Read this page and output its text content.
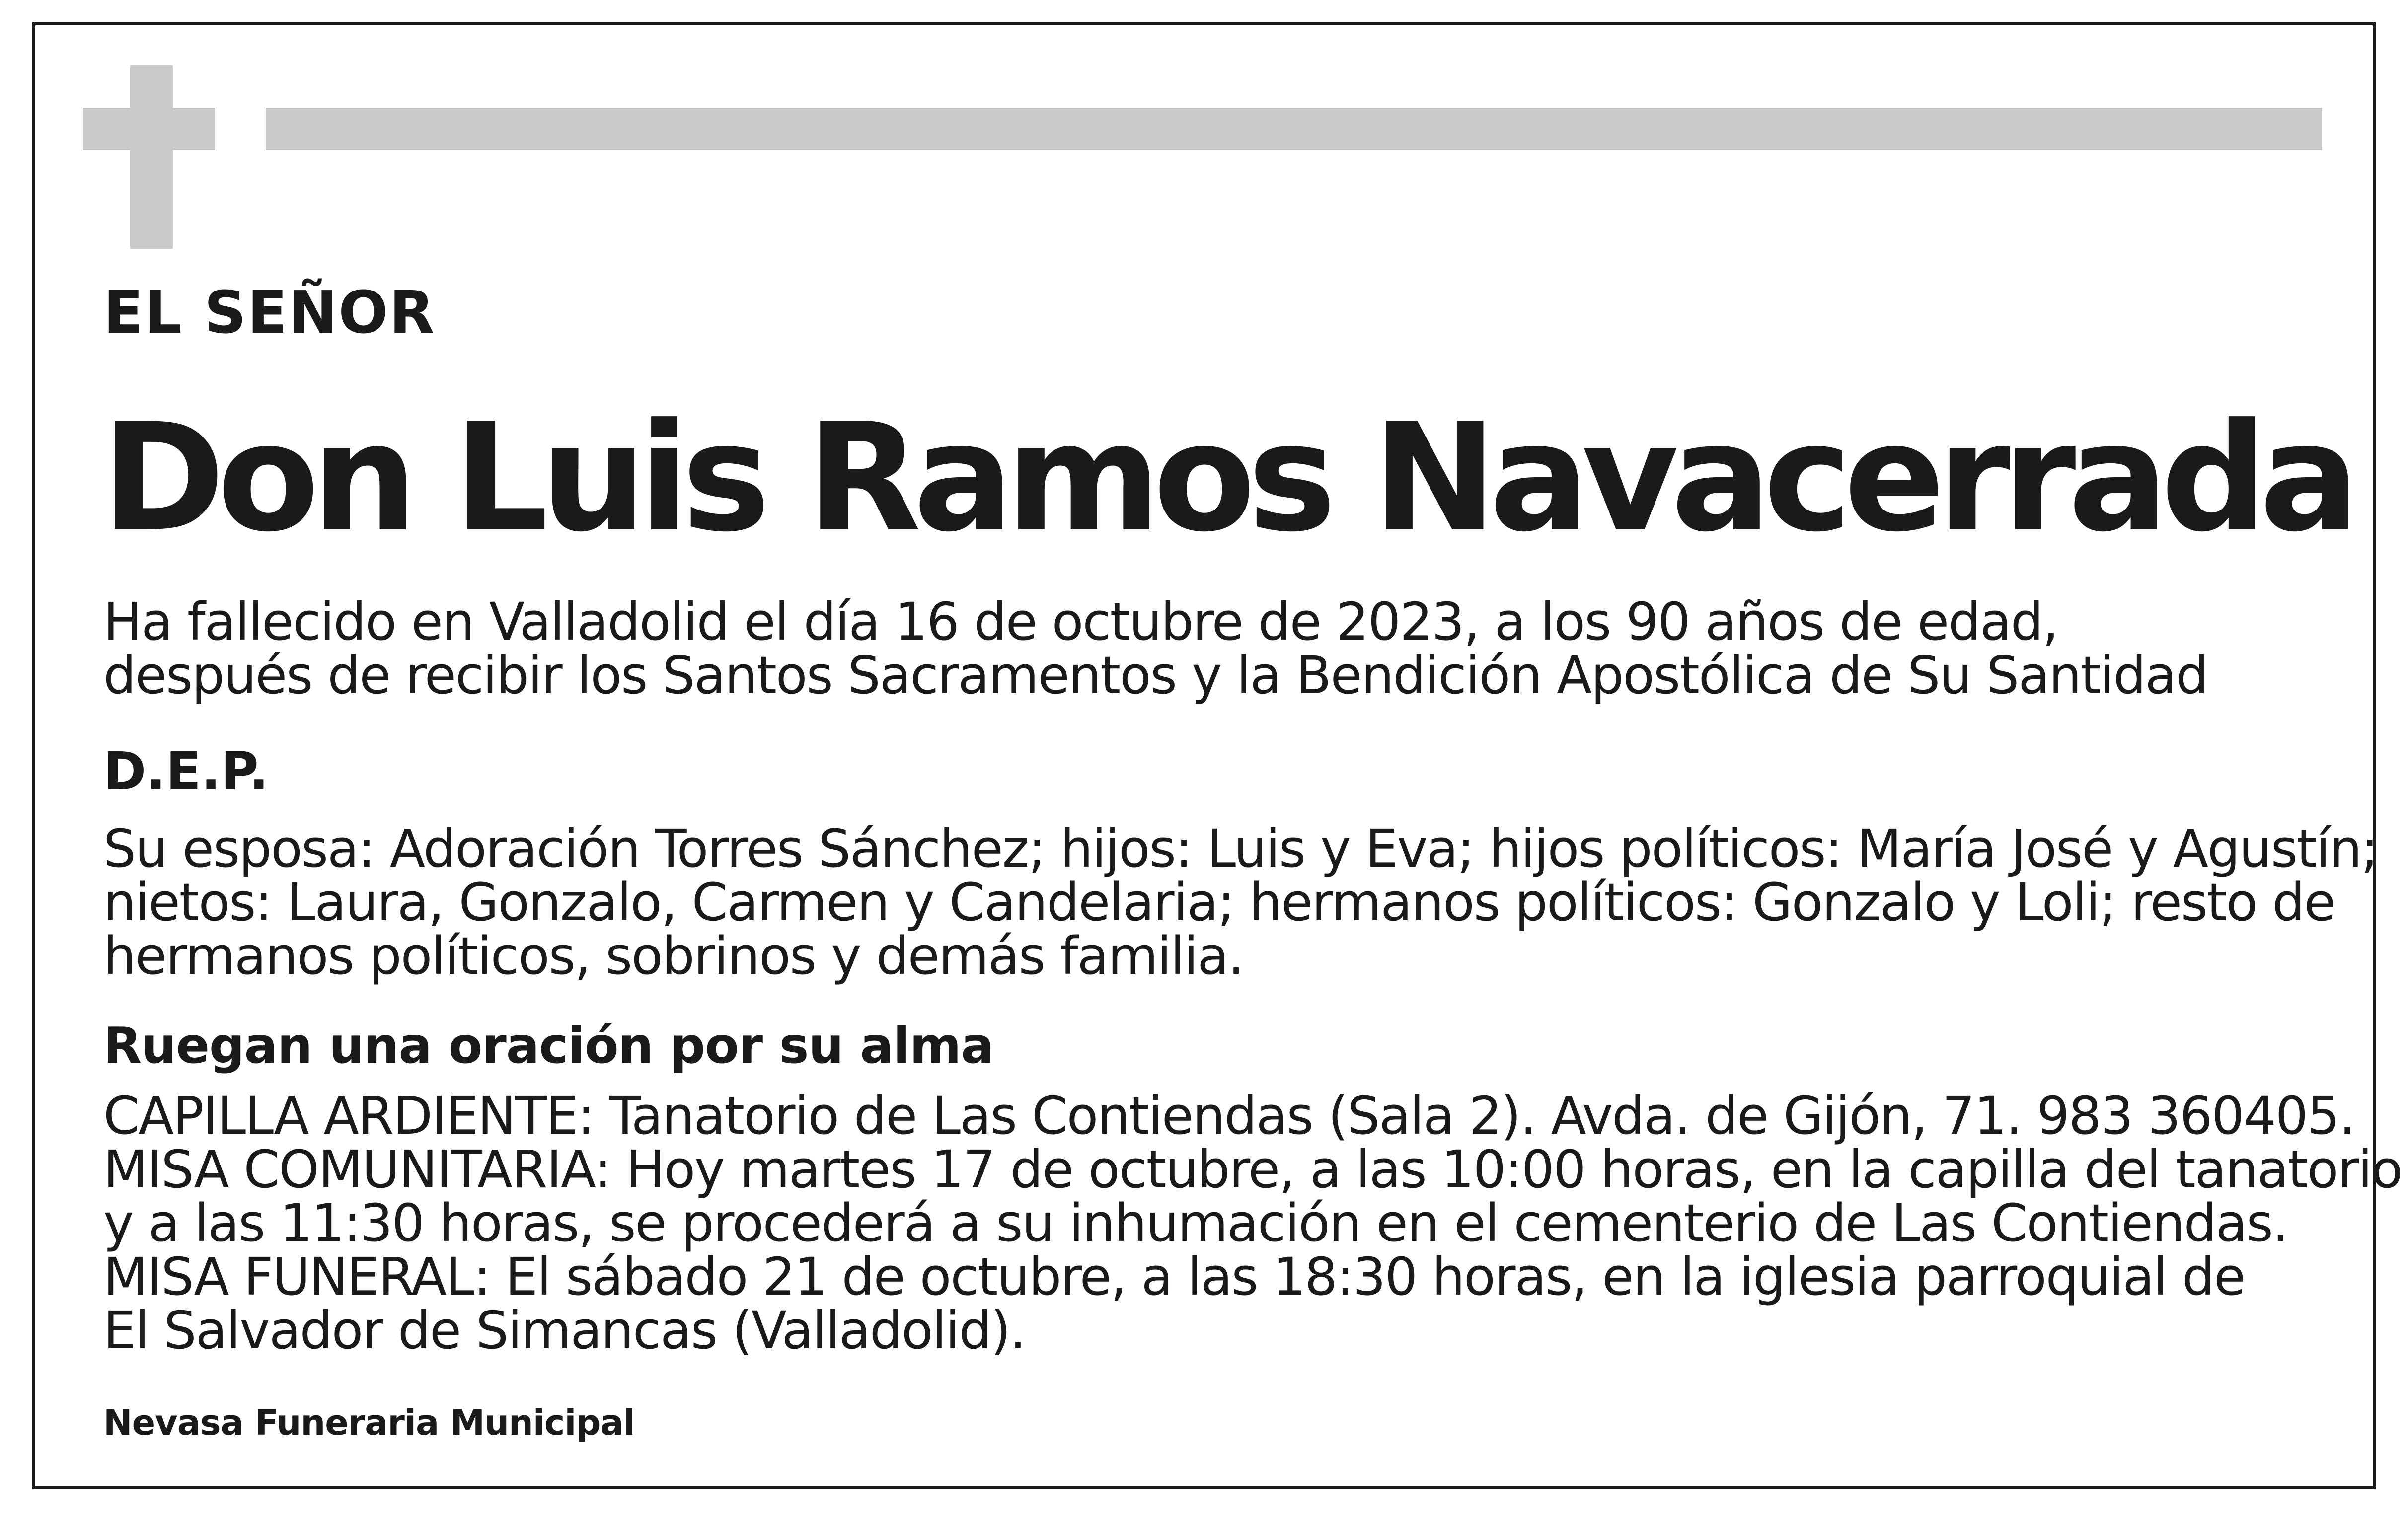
EL SEÑOR
Don Luis Ramos Navacerrada
Ha fallecido en Valladolid el día 16 de octubre de 2023, a los 90 años de edad,
después de recibir los Santos Sacramentos y la Bendición Apostólica de Su Santidad
D.E.P.
Su esposa: Adoración Torres Sánchez; hijos: Luis y Eva; hijos políticos: María José y Agustín;
nietos: Laura, Gonzalo, Carmen y Candelaria; hermanos políticos: Gonzalo y Loli; resto de
hermanos políticos, sobrinos y demás familia.
Ruegan una oración por su alma
CAPILLA ARDIENTE: Tanatorio de Las Contiendas (Sala 2). Avda. de Gijón, 71. 983 360405.
MISA COMUNITARIA: Hoy martes 17 de octubre, a las 10:00 horas, en la capilla del tanatorio
y a las 11:30 horas, se procederá a su inhumación en el cementerio de Las Contiendas.
MISA FUNERAL: El sábado 21 de octubre, a las 18:30 horas, en la iglesia parroquial de
El Salvador de Simancas (Valladolid).
Nevasa Funeraria Municipal
